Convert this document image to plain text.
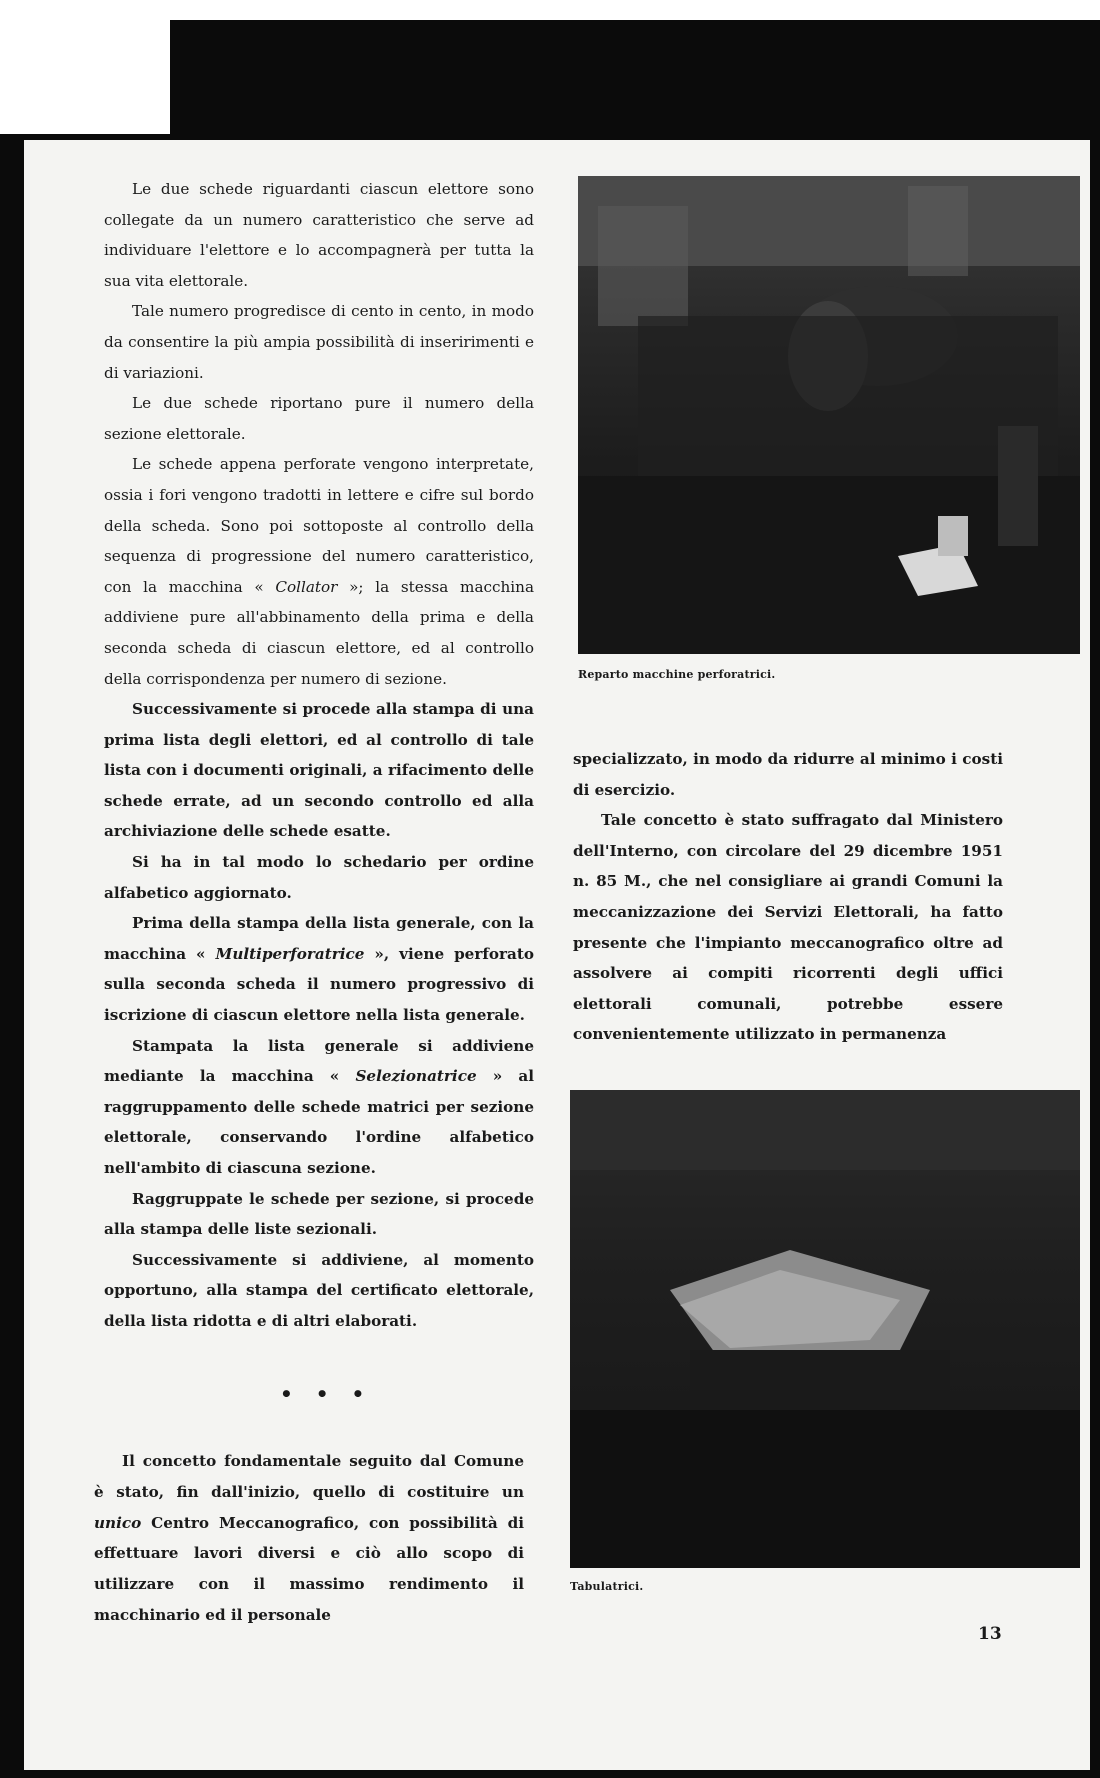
Le due schede riguardanti ciascun elettore sono collegate da un numero caratteristico che serve ad individuare l'elettore e lo accompagnerà per tutta la sua vita elettorale.

Tale numero progredisce di cento in cento, in modo da consentire la più ampia possibilità di inseririmenti e di variazioni.

Le due schede riportano pure il numero della sezione elettorale.

Le schede appena perforate vengono interpretate, ossia i fori vengono tradotti in lettere e cifre sul bordo della scheda. Sono poi sottoposte al controllo della sequenza di progressione del numero caratteristico, con la macchina « Collator »; la stessa macchina addiviene pure all'abbinamento della prima e della seconda scheda di ciascun elettore, ed al controllo della corrispondenza per numero di sezione.

Successivamente si procede alla stampa di una prima lista degli elettori, ed al controllo di tale lista con i documenti originali, a rifacimento delle schede errate, ad un secondo controllo ed alla archiviazione delle schede esatte.

Si ha in tal modo lo schedario per ordine alfabetico aggiornato.

Prima della stampa della lista generale, con la macchina « Multiperforatrice », viene perforato sulla seconda scheda il numero progressivo di iscrizione di ciascun elettore nella lista generale.

Stampata la lista generale si addiviene mediante la macchina « Selezionatrice » al raggruppamento delle schede matrici per sezione elettorale, conservando l'ordine alfabetico nell'ambito di ciascuna sezione.

Raggruppate le schede per sezione, si procede alla stampa delle liste sezionali.

Successivamente si addiviene, al momento opportuno, alla stampa del certificato elettorale, della lista ridotta e di altri elaborati.

• • •

Il concetto fondamentale seguito dal Comune è stato, fin dall'inizio, quello di costituire un unico Centro Meccanografico, con possibilità di effettuare lavori diversi e ciò allo scopo di utilizzare con il massimo rendimento il macchinario ed il personale

Reparto macchine perforatrici.

specializzato, in modo da ridurre al minimo i costi di esercizio.

Tale concetto è stato suffragato dal Ministero dell'Interno, con circolare del 29 dicembre 1951 n. 85 M., che nel consigliare ai grandi Comuni la meccanizzazione dei Servizi Elettorali, ha fatto presente che l'impianto meccanografico oltre ad assolvere ai compiti ricorrenti degli uffici elettorali comunali, potrebbe essere convenientemente utilizzato in permanenza

Tabulatrici.
13
